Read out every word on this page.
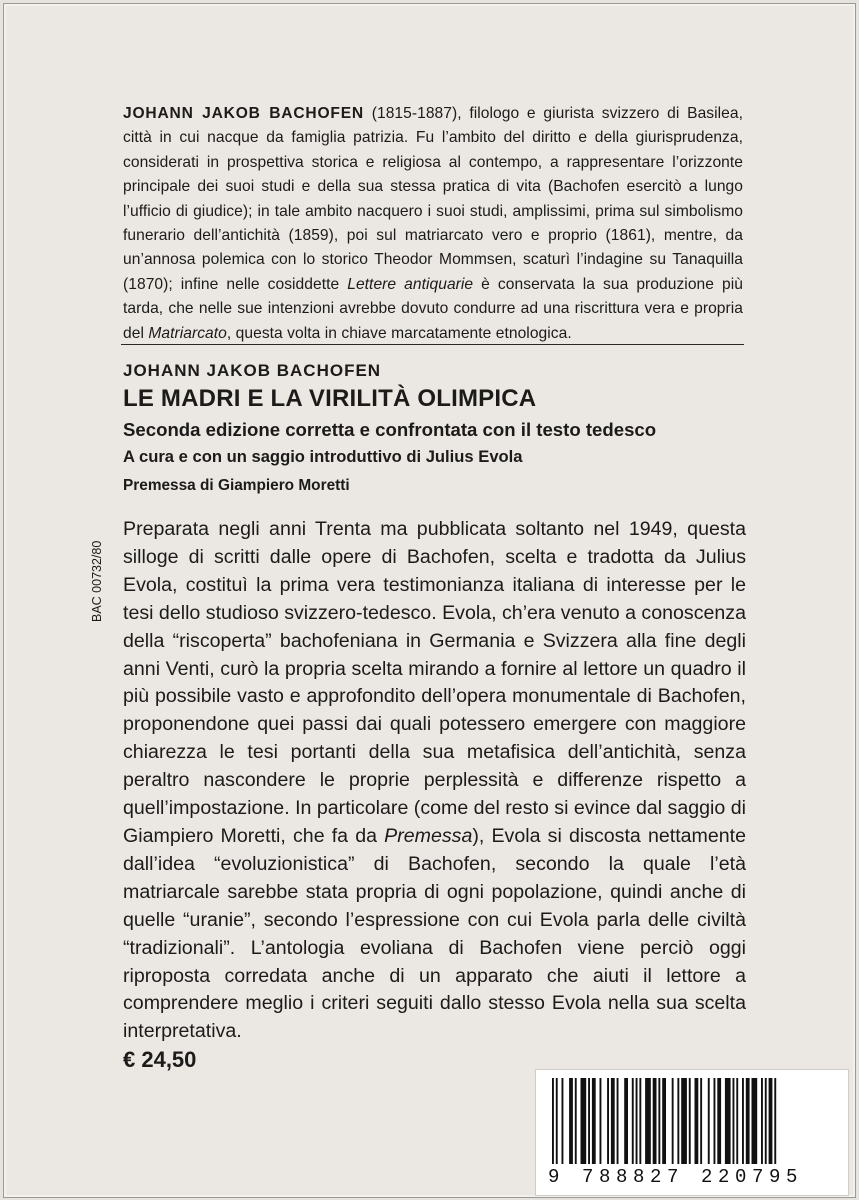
JOHANN JAKOB BACHOFEN (1815-1887), filologo e giurista svizzero di Basilea, città in cui nacque da famiglia patrizia. Fu l’ambito del diritto e della giurisprudenza, considerati in prospettiva storica e religiosa al contempo, a rappresentare l’orizzonte principale dei suoi studi e della sua stessa pratica di vita (Bachofen esercitò a lungo l’ufficio di giudice); in tale ambito nacquero i suoi studi, amplissimi, prima sul simbolismo funerario dell’antichità (1859), poi sul matriarcato vero e proprio (1861), mentre, da un’annosa polemica con lo storico Theodor Mommsen, scaturì l’indagine su Tanaquilla (1870); infine nelle cosiddette Lettere antiquarie è conservata la sua produzione più tarda, che nelle sue intenzioni avrebbe dovuto condurre ad una riscrittura vera e propria del Matriarcato, questa volta in chiave marcatamente etnologica.
JOHANN JAKOB BACHOFEN
LE MADRI E LA VIRILITÀ OLIMPICA
Seconda edizione corretta e confrontata con il testo tedesco
A cura e con un saggio introduttivo di Julius Evola
Premessa di Giampiero Moretti
BAC 00732/80
Preparata negli anni Trenta ma pubblicata soltanto nel 1949, questa silloge di scritti dalle opere di Bachofen, scelta e tradotta da Julius Evola, costituì la prima vera testimonianza italiana di interesse per le tesi dello studioso svizzero-tedesco. Evola, ch’era venuto a conoscenza della “riscoperta” bachofeniana in Germania e Svizzera alla fine degli anni Venti, curò la propria scelta mirando a fornire al lettore un quadro il più possibile vasto e approfondito dell’opera monumentale di Bachofen, proponendone quei passi dai quali potessero emergere con maggiore chiarezza le tesi portanti della sua metafisica dell’antichità, senza peraltro nascondere le proprie perplessità e differenze rispetto a quell’impostazione. In particolare (come del resto si evince dal saggio di Giampiero Moretti, che fa da Premessa), Evola si discosta nettamente dall’idea “evoluzionistica” di Bachofen, secondo la quale l’età matriarcale sarebbe stata propria di ogni popolazione, quindi anche di quelle “uranie”, secondo l’espressione con cui Evola parla delle civiltà “tradizionali”. L’antologia evoliana di Bachofen viene perciò oggi riproposta corredata anche di un apparato che aiuti il lettore a comprendere meglio i criteri seguiti dallo stesso Evola nella sua scelta interpretativa.
€ 24,50
9 788827 220795
